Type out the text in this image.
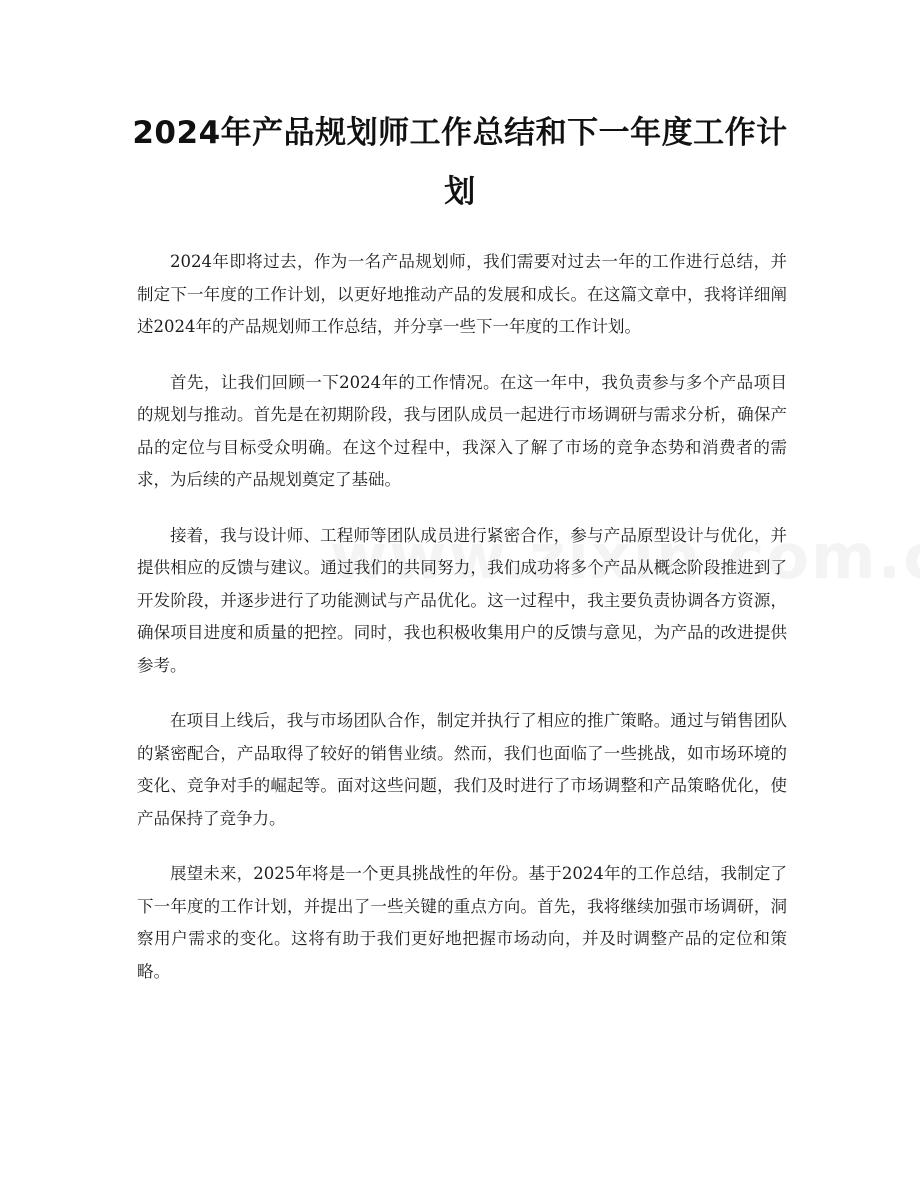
2024年产品规划师工作总结和下一年度工作计划

2024年即将过去，作为一名产品规划师，我们需要对过去一年的工作进行总结，并制定下一年度的工作计划，以更好地推动产品的发展和成长。在这篇文章中，我将详细阐述2024年的产品规划师工作总结，并分享一些下一年度的工作计划。

首先，让我们回顾一下2024年的工作情况。在这一年中，我负责参与多个产品项目的规划与推动。首先是在初期阶段，我与团队成员一起进行市场调研与需求分析，确保产品的定位与目标受众明确。在这个过程中，我深入了解了市场的竞争态势和消费者的需求，为后续的产品规划奠定了基础。

接着，我与设计师、工程师等团队成员进行紧密合作，参与产品原型设计与优化，并提供相应的反馈与建议。通过我们的共同努力，我们成功将多个产品从概念阶段推进到了开发阶段，并逐步进行了功能测试与产品优化。这一过程中，我主要负责协调各方资源，确保项目进度和质量的把控。同时，我也积极收集用户的反馈与意见，为产品的改进提供参考。

在项目上线后，我与市场团队合作，制定并执行了相应的推广策略。通过与销售团队的紧密配合，产品取得了较好的销售业绩。然而，我们也面临了一些挑战，如市场环境的变化、竞争对手的崛起等。面对这些问题，我们及时进行了市场调整和产品策略优化，使产品保持了竞争力。

展望未来，2025年将是一个更具挑战性的年份。基于2024年的工作总结，我制定了下一年度的工作计划，并提出了一些关键的重点方向。首先，我将继续加强市场调研，洞察用户需求的变化。这将有助于我们更好地把握市场动向，并及时调整产品的定位和策略。
